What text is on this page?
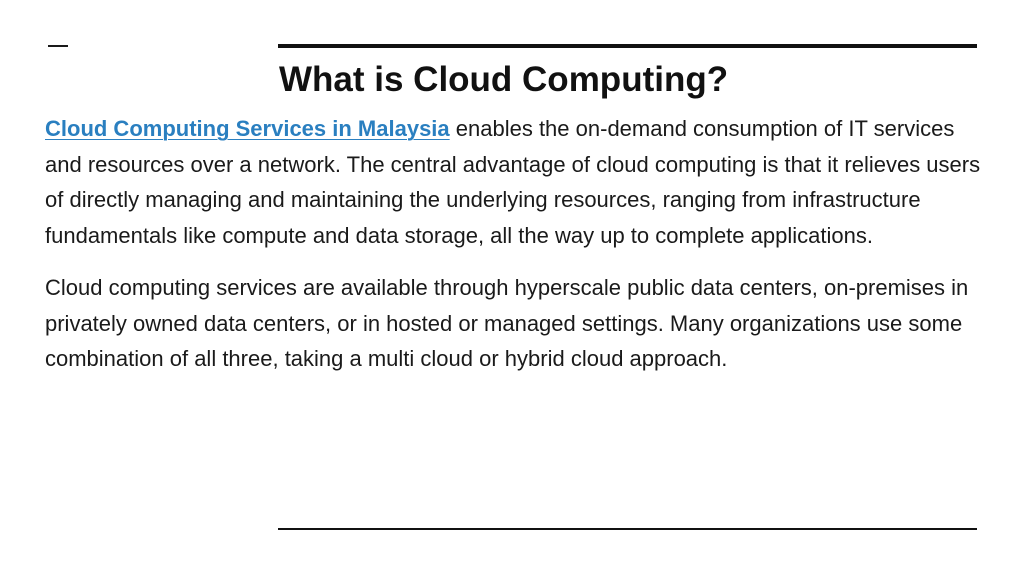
What is Cloud Computing?

Cloud Computing Services in Malaysia enables the on-demand consumption of IT services and resources over a network. The central advantage of cloud computing is that it relieves users of directly managing and maintaining the underlying resources, ranging from infrastructure fundamentals like compute and data storage, all the way up to complete applications.

Cloud computing services are available through hyperscale public data centers, on-premises in privately owned data centers, or in hosted or managed settings. Many organizations use some combination of all three, taking a multi cloud or hybrid cloud approach.
